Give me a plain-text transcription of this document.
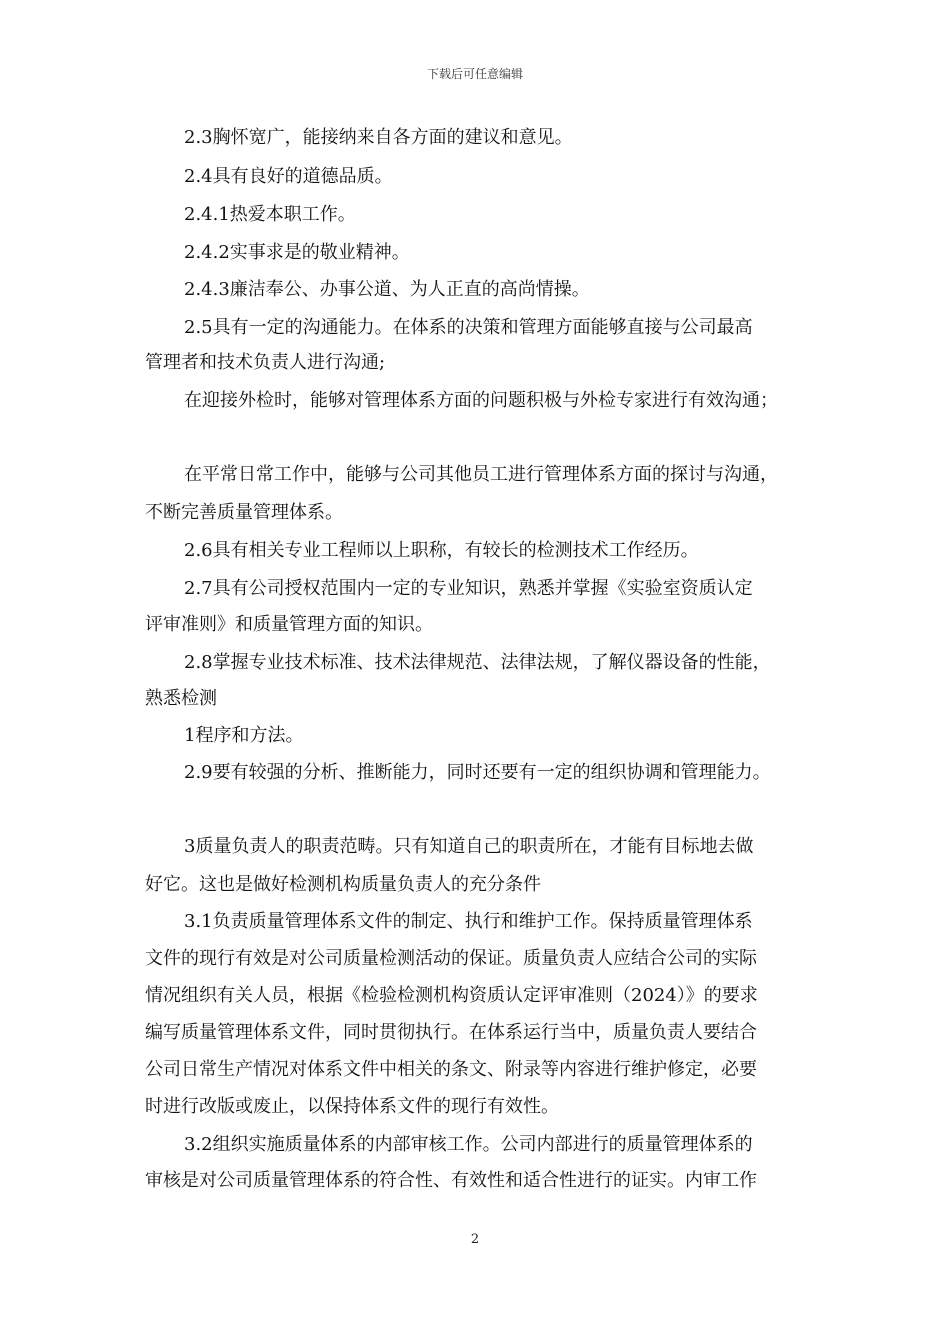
下载后可任意编辑
2.3胸怀宽广，能接纳来自各方面的建议和意见。
2.4具有良好的道德品质。
2.4.1热爱本职工作。
2.4.2实事求是的敬业精神。
2.4.3廉洁奉公、办事公道、为人正直的高尚情操。
2.5具有一定的沟通能力。在体系的决策和管理方面能够直接与公司最高
管理者和技术负责人进行沟通;
在迎接外检时，能够对管理体系方面的问题积极与外检专家进行有效沟通；
在平常日常工作中，能够与公司其他员工进行管理体系方面的探讨与沟通，
不断完善质量管理体系。
2.6具有相关专业工程师以上职称，有较长的检测技术工作经历。
2.7具有公司授权范围内一定的专业知识，熟悉并掌握《实验室资质认定
评审准则》和质量管理方面的知识。
2.8掌握专业技术标准、技术法律规范、法律法规，了解仪器设备的性能，
熟悉检测
1程序和方法。
2.9要有较强的分析、推断能力，同时还要有一定的组织协调和管理能力。
3质量负责人的职责范畴。只有知道自己的职责所在，才能有目标地去做
好它。这也是做好检测机构质量负责人的充分条件
3.1负责质量管理体系文件的制定、执行和维护工作。保持质量管理体系
文件的现行有效是对公司质量检测活动的保证。质量负责人应结合公司的实际
情况组织有关人员，根据《检验检测机构资质认定评审准则（2024）》的要求
编写质量管理体系文件，同时贯彻执行。在体系运行当中，质量负责人要结合
公司日常生产情况对体系文件中相关的条文、附录等内容进行维护修定，必要
时进行改版或废止，以保持体系文件的现行有效性。
3.2组织实施质量体系的内部审核工作。公司内部进行的质量管理体系的
审核是对公司质量管理体系的符合性、有效性和适合性进行的证实。内审工作
2
